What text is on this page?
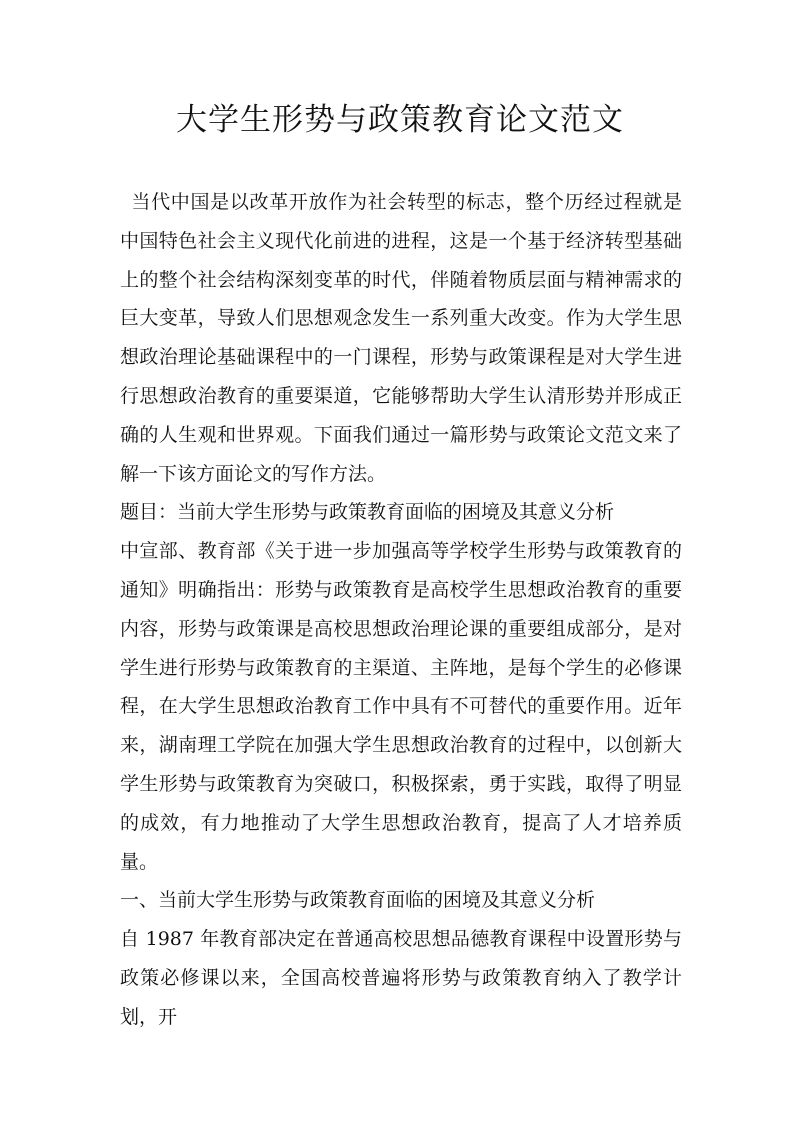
大学生形势与政策教育论文范文

当代中国是以改革开放作为社会转型的标志，整个历经过程就是中国特色社会主义现代化前进的进程，这是一个基于经济转型基础上的整个社会结构深刻变革的时代，伴随着物质层面与精神需求的巨大变革，导致人们思想观念发生一系列重大改变。作为大学生思想政治理论基础课程中的一门课程，形势与政策课程是对大学生进行思想政治教育的重要渠道，它能够帮助大学生认清形势并形成正确的人生观和世界观。下面我们通过一篇形势与政策论文范文来了解一下该方面论文的写作方法。

题目：当前大学生形势与政策教育面临的困境及其意义分析

中宣部、教育部《关于进一步加强高等学校学生形势与政策教育的通知》明确指出：形势与政策教育是高校学生思想政治教育的重要内容，形势与政策课是高校思想政治理论课的重要组成部分，是对学生进行形势与政策教育的主渠道、主阵地，是每个学生的必修课程，在大学生思想政治教育工作中具有不可替代的重要作用。近年来，湖南理工学院在加强大学生思想政治教育的过程中，以创新大学生形势与政策教育为突破口，积极探索，勇于实践，取得了明显的成效，有力地推动了大学生思想政治教育，提高了人才培养质量。

一、当前大学生形势与政策教育面临的困境及其意义分析

自 1987 年教育部决定在普通高校思想品德教育课程中设置形势与政策必修课以来，全国高校普遍将形势与政策教育纳入了教学计划，开
